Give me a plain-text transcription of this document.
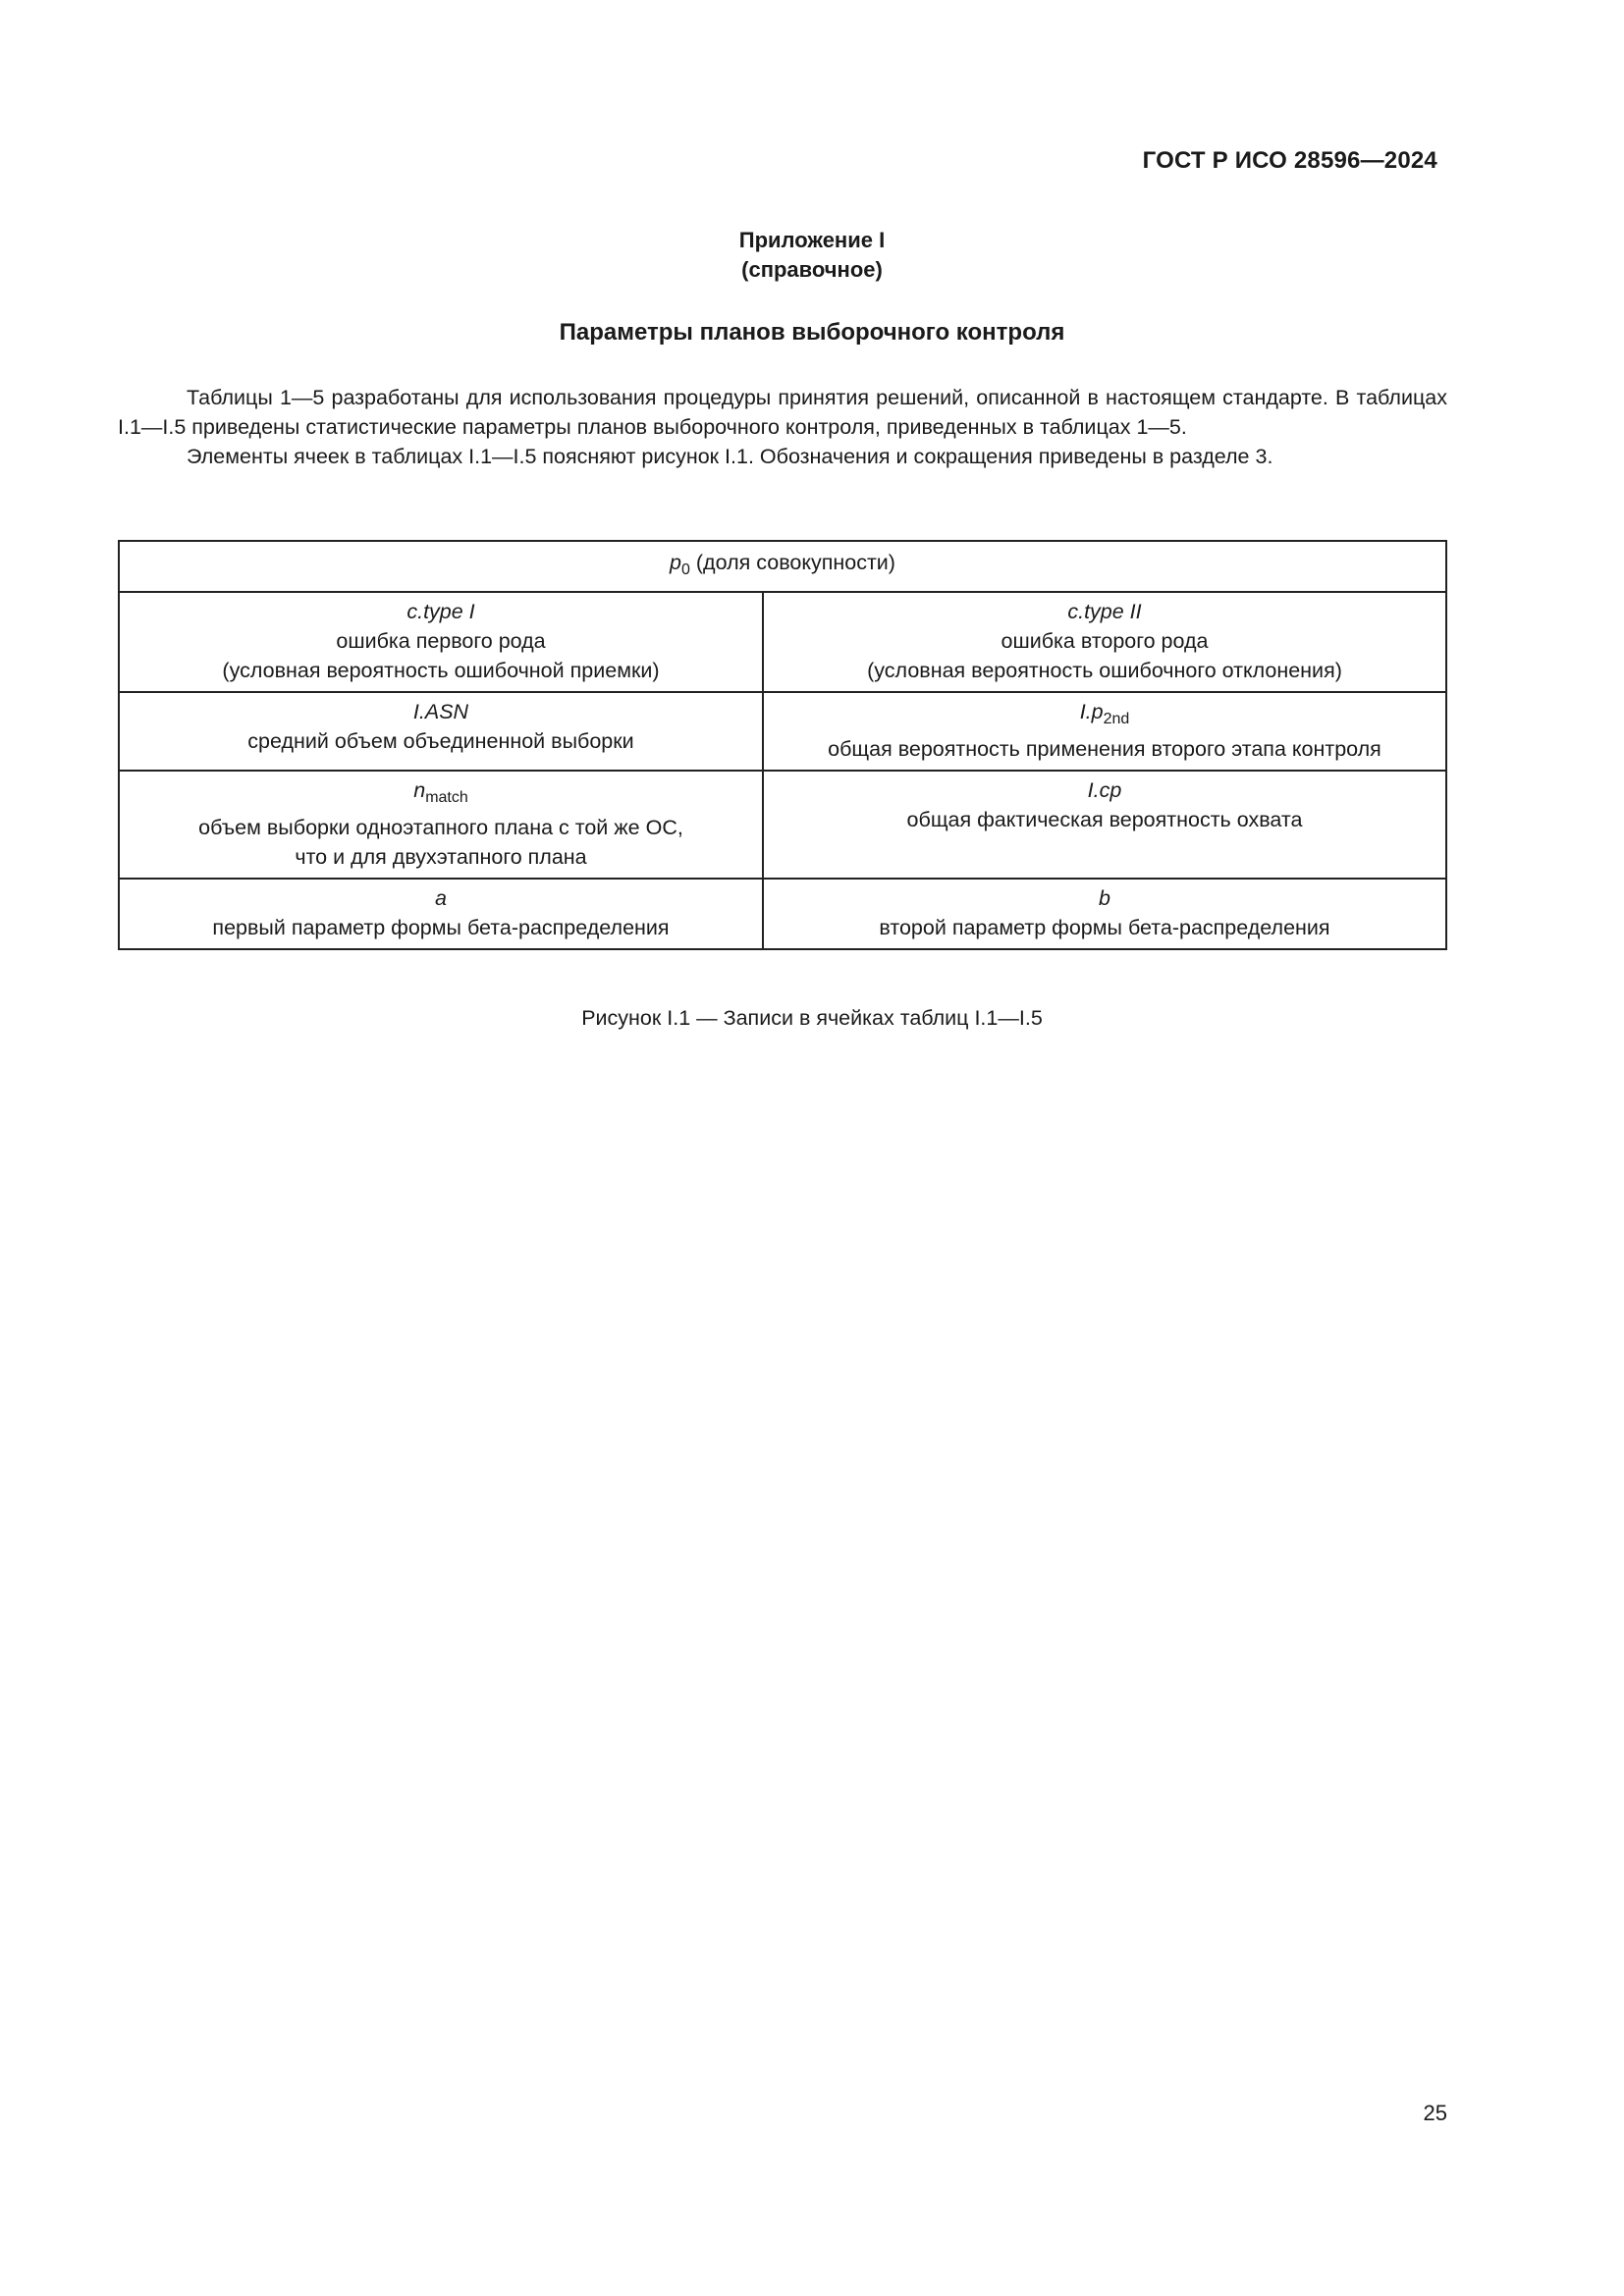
ГОСТ Р ИСО 28596—2024
Приложение I
(справочное)
Параметры планов выборочного контроля

Таблицы 1—5 разработаны для использования процедуры принятия решений, описанной в настоящем стандарте. В таблицах I.1—I.5 приведены статистические параметры планов выборочного контроля, приведенных в таблицах 1—5.

Элементы ячеек в таблицах I.1—I.5 поясняют рисунок I.1. Обозначения и сокращения приведены в разделе 3.

$p_0$ (доля совокупности)
c.type I
ошибка первого рода
(условная вероятность ошибочной приемки)
c.type II
ошибка второго рода
(условная вероятность ошибочного отклонения)
I.ASN
средний объем объединенной выборки
$I.p_{2nd}$
общая вероятность применения второго этапа контроля
$n_{match}$
объем выборки одноэтапного плана с той же ОС,
что и для двухэтапного плана
I.cp
общая фактическая вероятность охвата
a
первый параметр формы бета-распределения
b
второй параметр формы бета-распределения
Рисунок I.1 — Записи в ячейках таблиц I.1—I.5
25
